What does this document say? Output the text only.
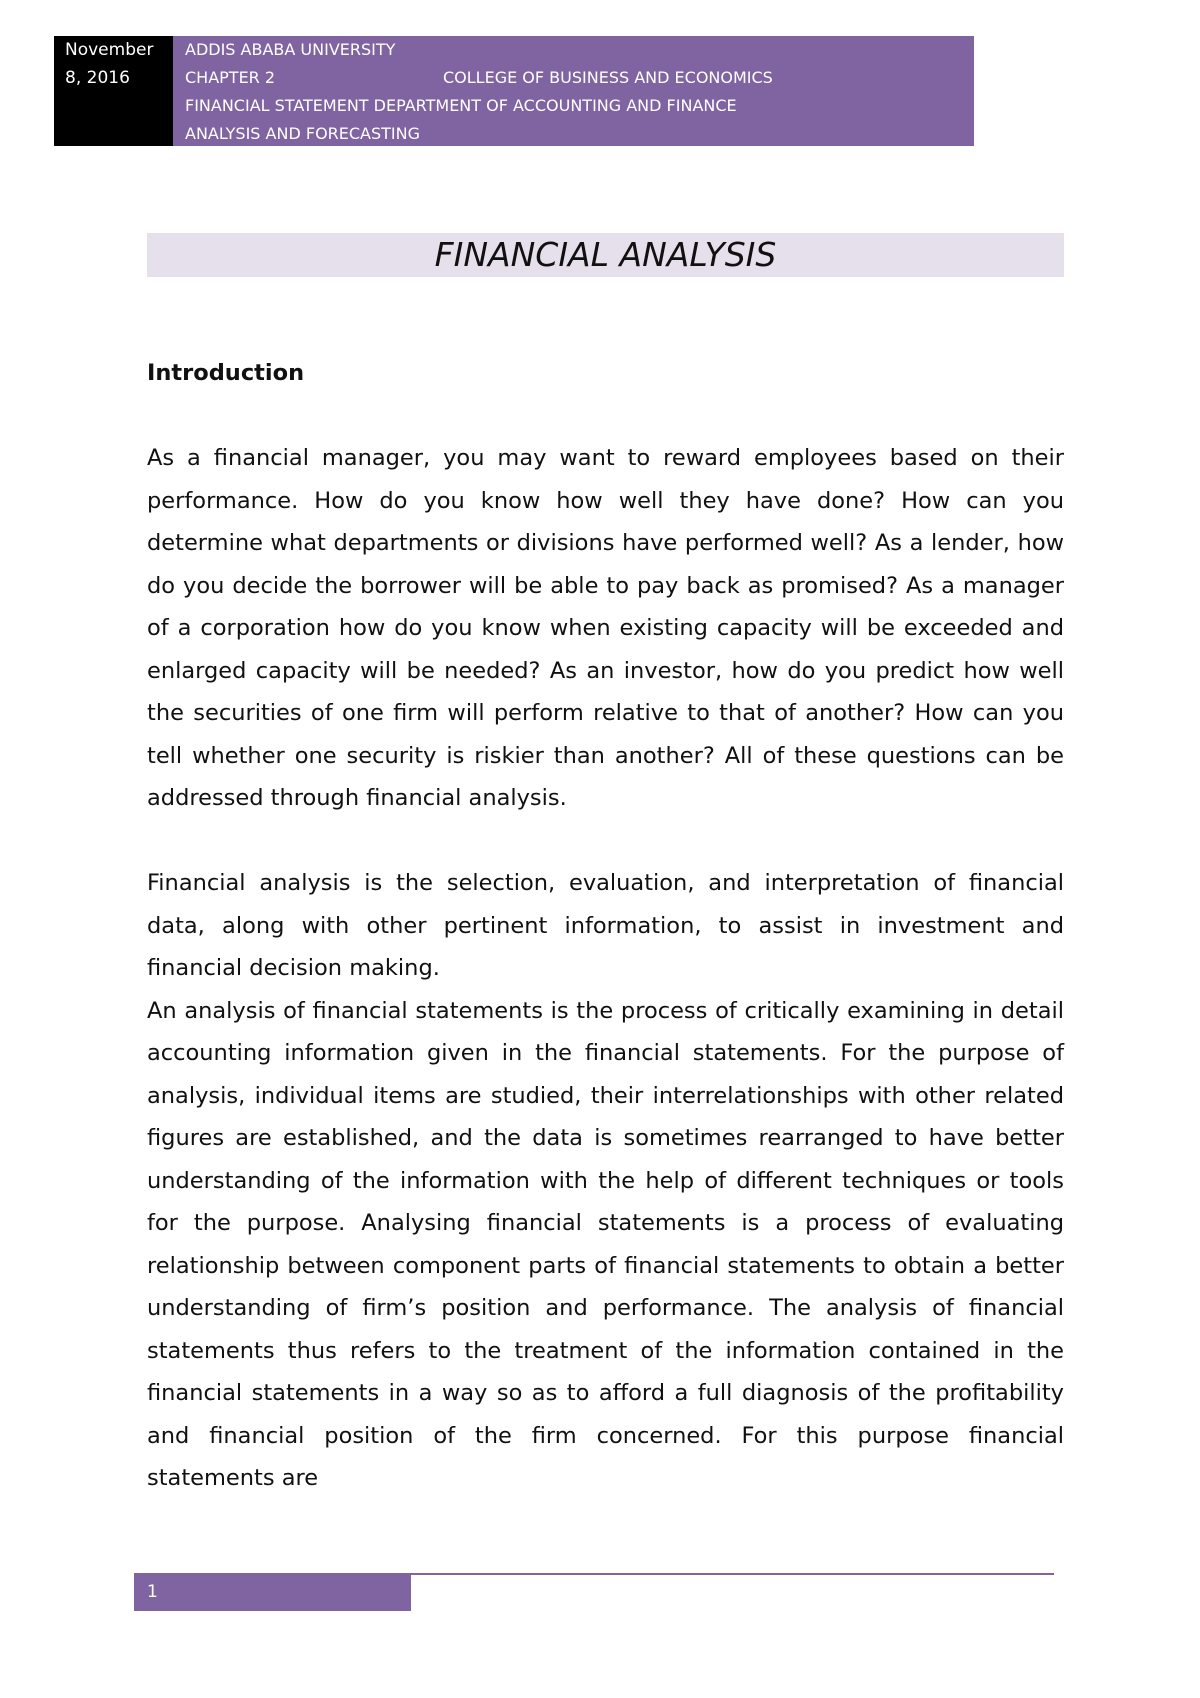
November
8, 2016
ADDIS ABABA UNIVERSITY
CHAPTER 2	COLLEGE OF BUSINESS AND ECONOMICS
FINANCIAL STATEMENT DEPARTMENT OF ACCOUNTING AND FINANCE
ANALYSIS AND FORECASTING
FINANCIAL ANALYSIS

Introduction

As a financial manager, you may want to reward employees based on their performance. How do you know how well they have done? How can you determine what departments or divisions have performed well? As a lender, how do you decide the borrower will be able to pay back as promised? As a manager of a corporation how do you know when existing capacity will be exceeded and enlarged capacity will be needed? As an investor, how do you predict how well the securities of one firm will perform relative to that of another? How can you tell whether one security is riskier than another? All of these questions can be addressed through financial analysis.

Financial analysis is the selection, evaluation, and interpretation of financial data, along with other pertinent information, to assist in investment and financial decision making.

An analysis of financial statements is the process of critically examining in detail accounting information given in the financial statements. For the purpose of analysis, individual items are studied, their interrelationships with other related figures are established, and the data is sometimes rearranged to have better understanding of the information with the help of different techniques or tools for the purpose. Analysing financial statements is a process of evaluating relationship between component parts of financial statements to obtain a better understanding of firm’s position and performance. The analysis of financial statements thus refers to the treatment of the information contained in the financial statements in a way so as to afford a full diagnosis of the profitability and financial position of the firm concerned. For this purpose financial statements are

1
